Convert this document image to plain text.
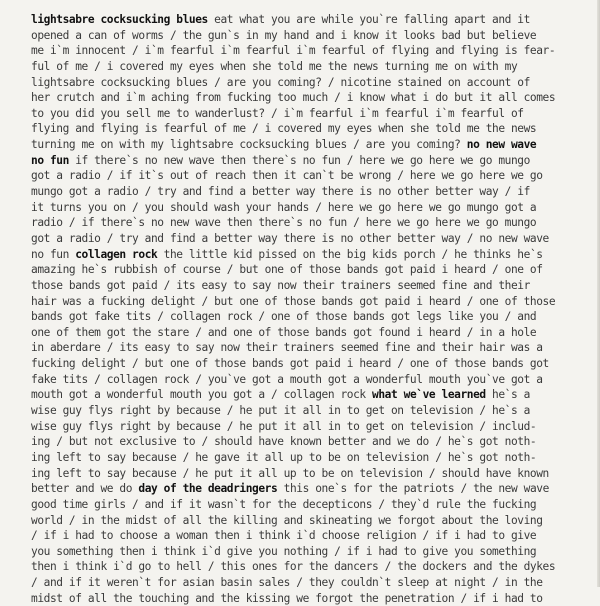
lightsabre cocksucking blues eat what you are while you`re falling apart and it
opened a can of worms / the gun`s in my hand and i know it looks bad but believe
me i`m innocent / i`m fearful i`m fearful i`m fearful of flying and flying is fear-
ful of me / i covered my eyes when she told me the news turning me on with my
lightsabre cocksucking blues / are you coming? / nicotine stained on account of
her crutch and i`m aching from fucking too much / i know what i do but it all comes
to you did you sell me to wanderlust? / i`m fearful i`m fearful i`m fearful of
flying and flying is fearful of me / i covered my eyes when she told me the news
turning me on with my lightsabre cocksucking blues / are you coming? no new wave
no fun if there`s no new wave then there`s no fun / here we go here we go mungo
got a radio / if it`s out of reach then it can`t be wrong / here we go here we go
mungo got a radio / try and find a better way there is no other better way / if
it turns you on / you should wash your hands / here we go here we go mungo got a
radio / if there`s no new wave then there`s no fun / here we go here we go mungo
got a radio / try and find a better way there is no other better way / no new wave
no fun collagen rock the little kid pissed on the big kids porch / he thinks he`s
amazing he`s rubbish of course / but one of those bands got paid i heard / one of
those bands got paid / its easy to say now their trainers seemed fine and their
hair was a fucking delight / but one of those bands got paid i heard / one of those
bands got fake tits / collagen rock / one of those bands got legs like you / and
one of them got the stare / and one of those bands got found i heard / in a hole
in aberdare / its easy to say now their trainers seemed fine and their hair was a
fucking delight / but one of those bands got paid i heard / one of those bands got
fake tits / collagen rock / you`ve got a mouth got a wonderful mouth you`ve got a
mouth got a wonderful mouth you got a / collagen rock what we`ve learned he`s a
wise guy flys right by because / he put it all in to get on television / he`s a
wise guy flys right by because / he put it all in to get on television / includ-
ing / but not exclusive to / should have known better and we do / he`s got noth-
ing left to say because / he gave it all up to be on television / he`s got noth-
ing left to say because / he put it all up to be on television / should have known
better and we do day of the deadringers this one`s for the patriots / the new wave
good time girls / and if it wasn`t for the decepticons / they`d rule the fucking
world / in the midst of all the killing and skineating we forgot about the loving
/ if i had to choose a woman then i think i`d choose religion / if i had to give
you something then i think i`d give you nothing / if i had to give you something
then i think i`d go to hell / this ones for the dancers / the dockers and the dykes
/ and if it weren`t for asian basin sales / they couldn`t sleep at night / in the
midst of all the touching and the kissing we forgot the penetration / if i had to
